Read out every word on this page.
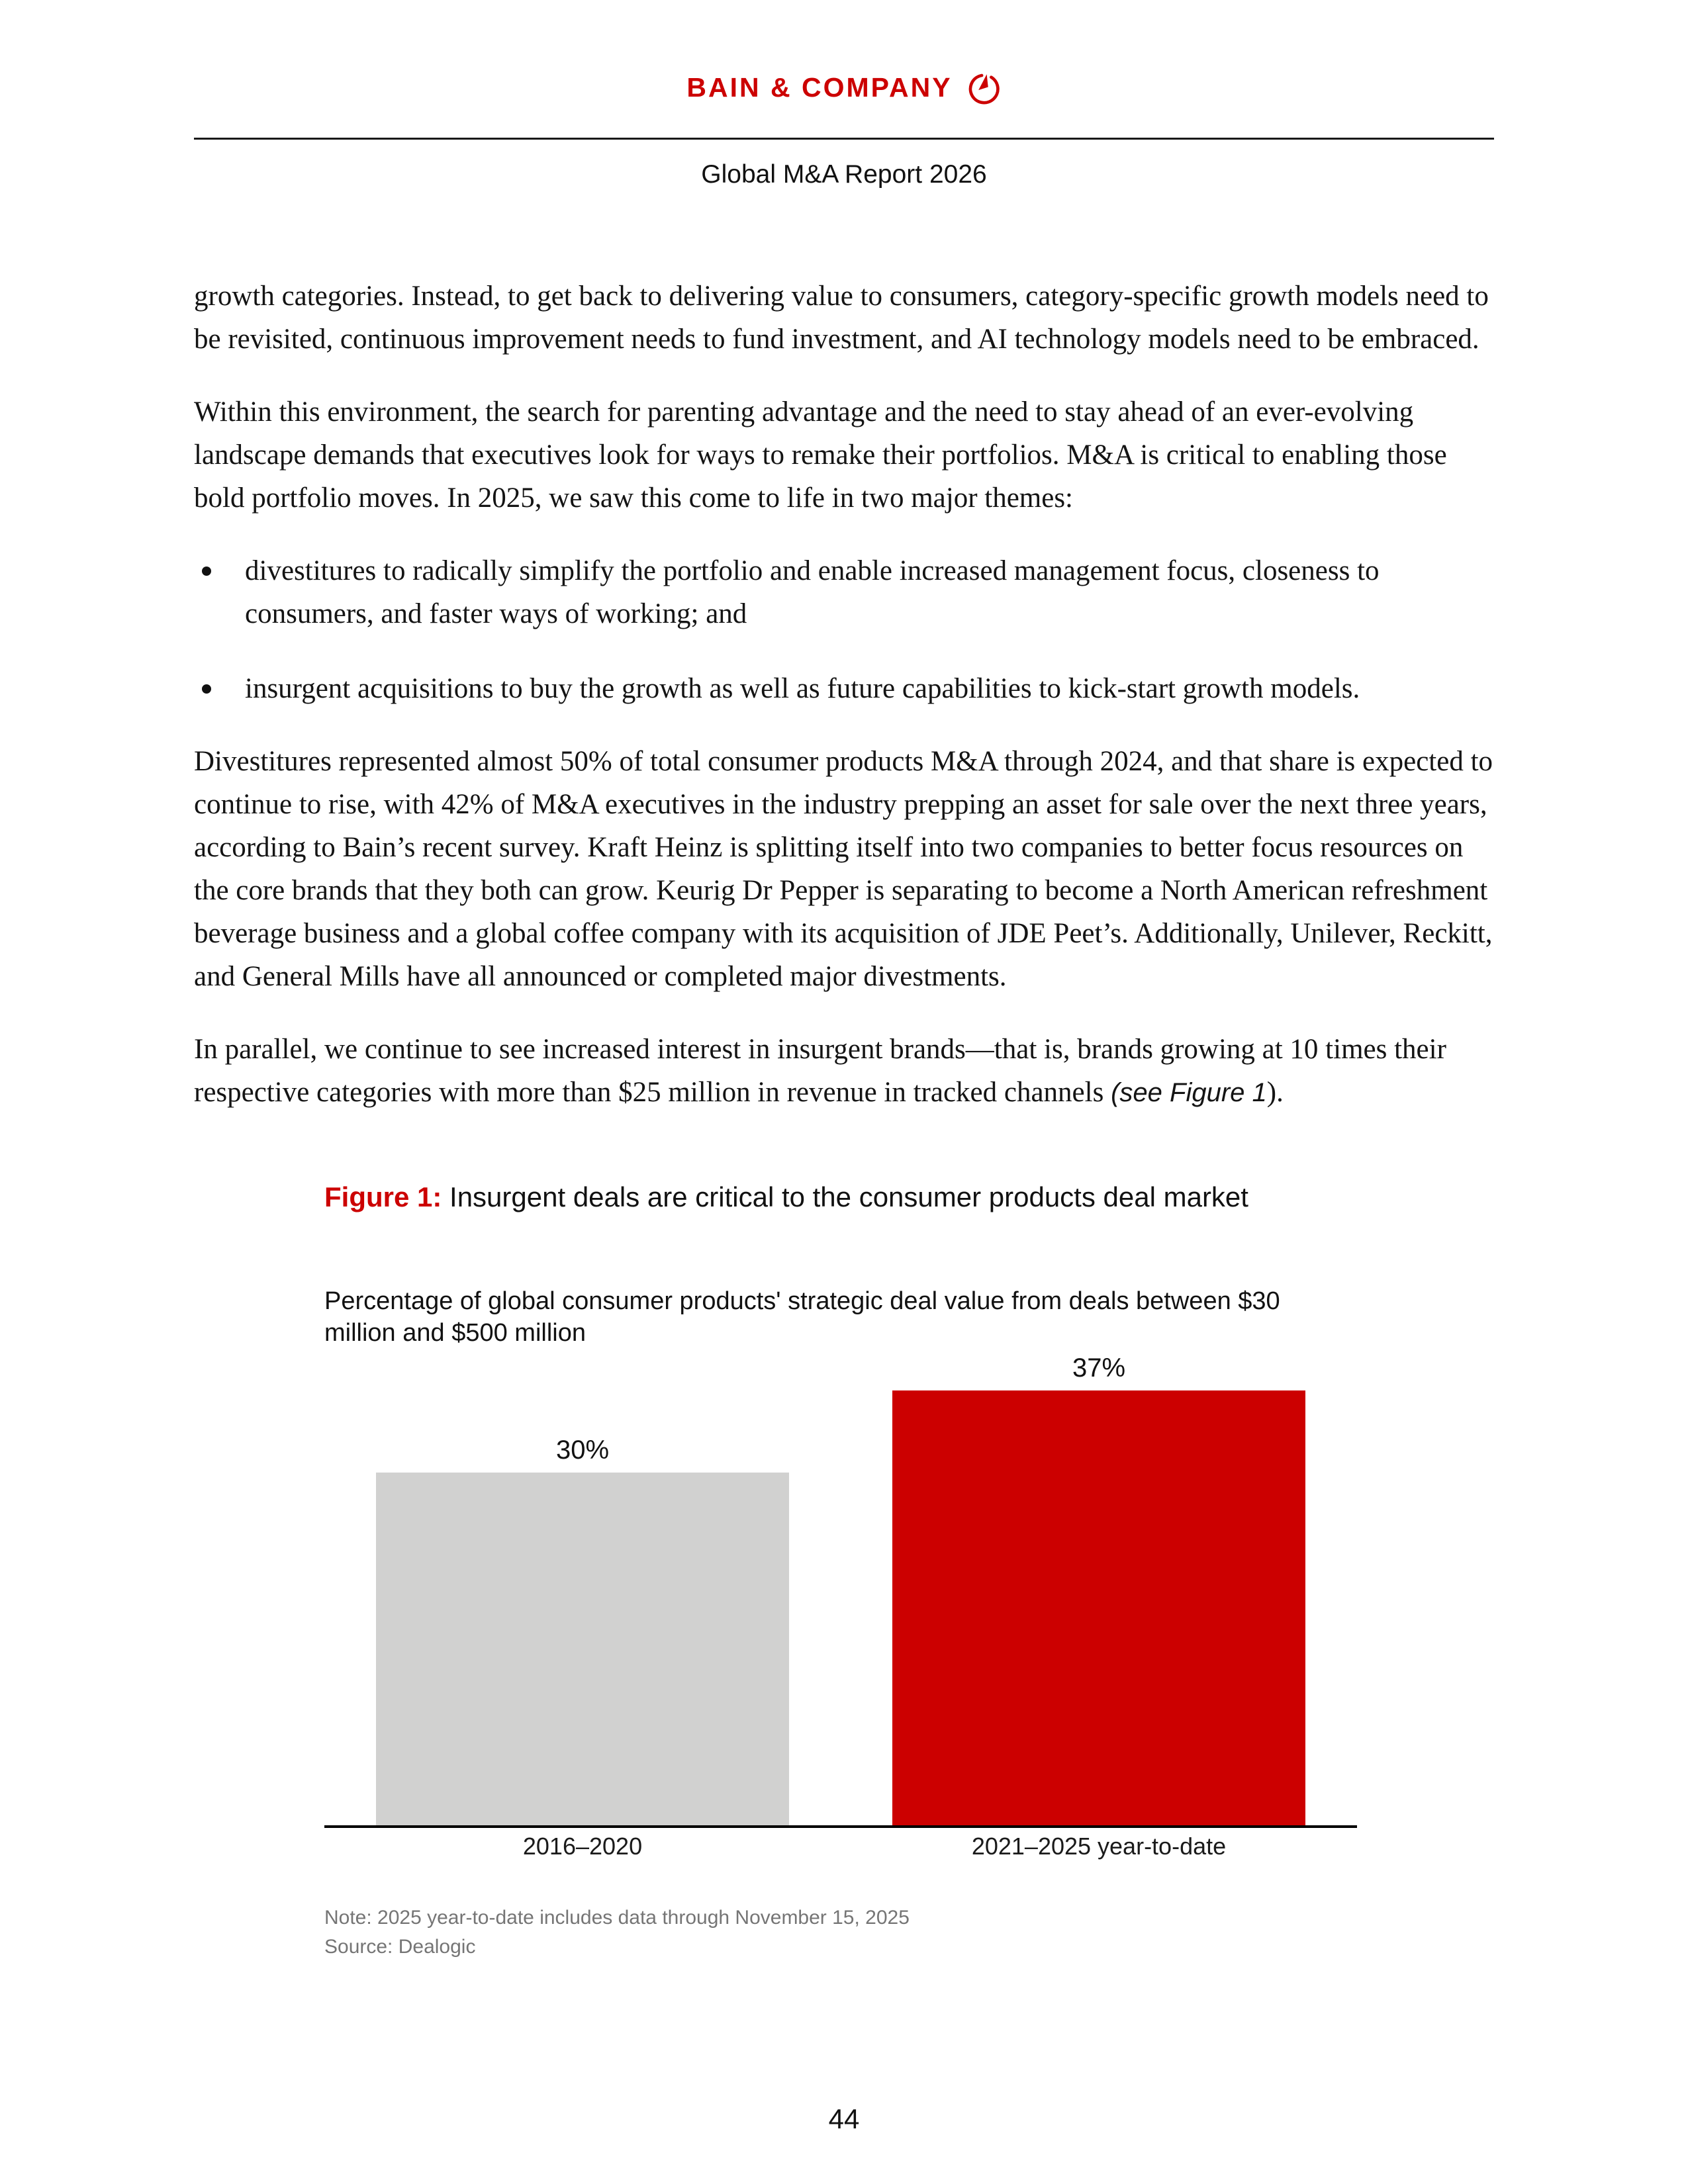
BAIN & COMPANY
Global M&A Report 2026

growth categories. Instead, to get back to delivering value to consumers, category-specific growth models need to be revisited, continuous improvement needs to fund investment, and AI technology models need to be embraced.

Within this environment, the search for parenting advantage and the need to stay ahead of an ever-evolving landscape demands that executives look for ways to remake their portfolios. M&A is critical to enabling those bold portfolio moves. In 2025, we saw this come to life in two major themes:

divestitures to radically simplify the portfolio and enable increased management focus, closeness to consumers, and faster ways of working; and
insurgent acquisitions to buy the growth as well as future capabilities to kick-start growth models.

Divestitures represented almost 50% of total consumer products M&A through 2024, and that share is expected to continue to rise, with 42% of M&A executives in the industry prepping an asset for sale over the next three years, according to Bain’s recent survey. Kraft Heinz is splitting itself into two companies to better focus resources on the core brands that they both can grow. Keurig Dr Pepper is separating to become a North American refreshment beverage business and a global coffee company with its acquisition of JDE Peet’s. Additionally, Unilever, Reckitt, and General Mills have all announced or completed major divestments.

In parallel, we continue to see increased interest in insurgent brands—that is, brands growing at 10 times their respective categories with more than $25 million in revenue in tracked channels (see Figure 1).

Figure 1: Insurgent deals are critical to the consumer products deal market
Percentage of global consumer products' strategic deal value from deals between $30 million and $500 million
30%
37%
2016–2020	2021–2025 year-to-date
Note: 2025 year-to-date includes data through November 15, 2025
Source: Dealogic
44
